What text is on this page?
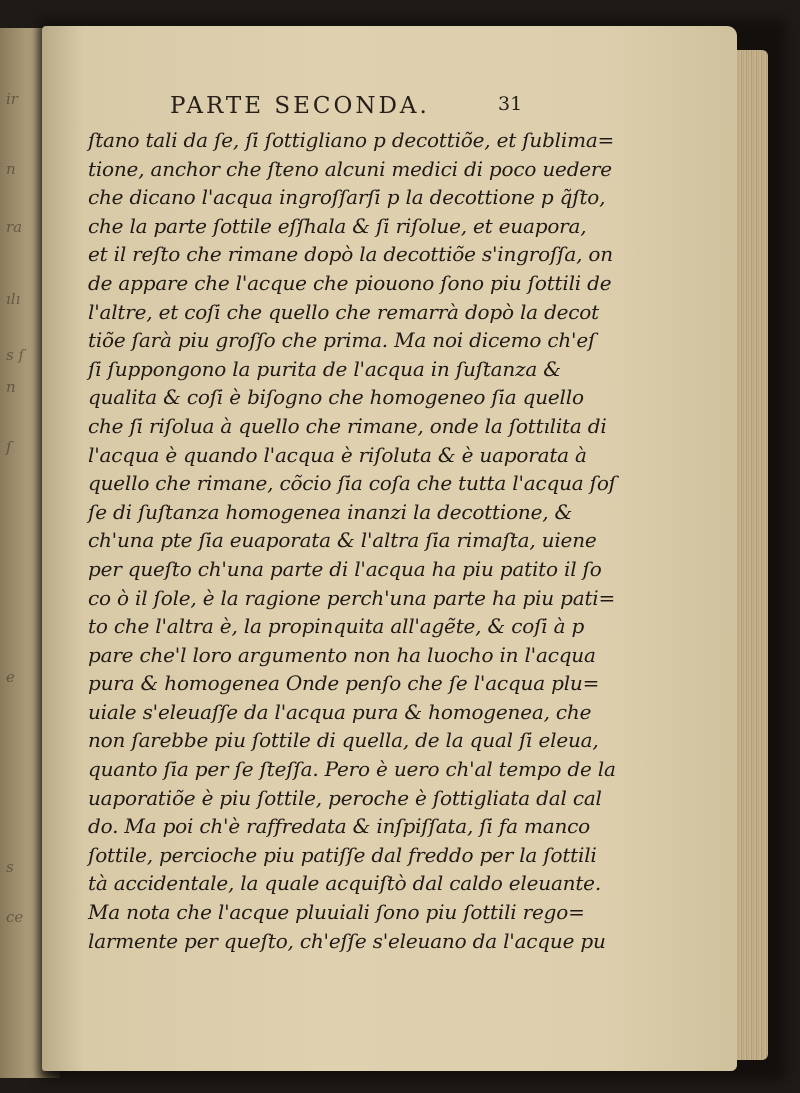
ir
n
ra
ılı
s ſ
n
ſ
e
s
ce
PARTE SECONDA.	31
ſtano tali da ſe, ſi ſottigliano p decottiõe, et ſublima=
tione, anchor che ſteno alcuni medici di poco uedere
che dicano l'acqua ingroſſarſi p la decottione p q̃ſto,
che la parte ſottile eſſhala & ſi riſolue, et euapora,
et il reſto che rimane dopò la decottiõe s'ingroſſa, on
de appare che l'acque che piouono ſono piu ſottili de
l'altre, et coſi che quello che remarrà dopò la decot
tiõe ſarà piu groſſo che prima. Ma noi dicemo ch'eſ
ſi ſuppongono la purita de l'acqua in ſuſtanza &
qualita & coſi è biſogno che homogeneo ſia quello
che ſi riſolua à quello che rimane, onde la ſottılita di
l'acqua è quando l'acqua è riſoluta & è uaporata à
quello che rimane, cõcio ſia coſa che tutta l'acqua ſoſ
ſe di ſuſtanza homogenea inanzi la decottione, &
ch'una pte ſia euaporata & l'altra ſia rimaſta, uiene
per queſto ch'una parte di l'acqua ha piu patito il ſo
co ò il ſole, è la ragione perch'una parte ha piu pati=
to che l'altra è, la propinquita all'agẽte, & coſi à p
pare che'l loro argumento non ha luocho in l'acqua
pura & homogenea Onde penſo che ſe l'acqua plu=
uiale s'eleuaſſe da l'acqua pura & homogenea, che
non ſarebbe piu ſottile di quella, de la qual ſi eleua,
quanto ſia per ſe ſteſſa. Pero è uero ch'al tempo de la
uaporatiõe è piu ſottile, peroche è ſottigliata dal cal
do. Ma poi ch'è raffredata & inſpiſſata, ſi fa manco
ſottile, percioche piu patiſſe dal freddo per la ſottili
tà accidentale, la quale acquiſtò dal caldo eleuante.
Ma nota che l'acque pluuiali ſono piu ſottili rego=
larmente per queſto, ch'eſſe s'eleuano da l'acque pu
